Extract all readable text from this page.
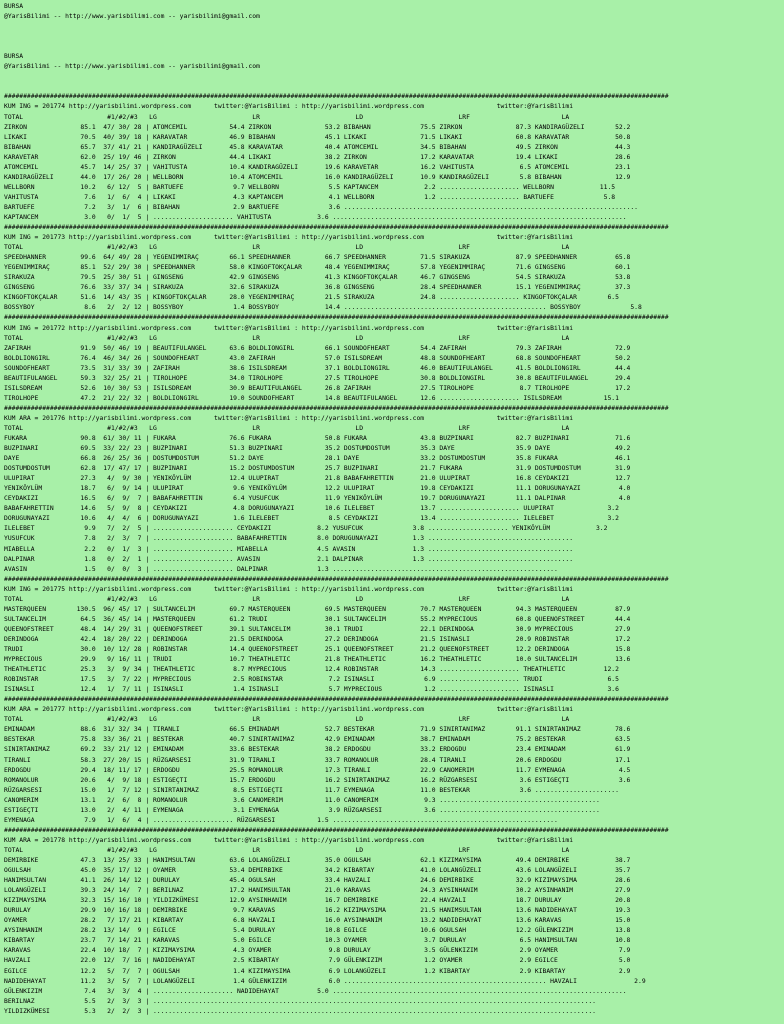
BURSA
@YarisBilimi -- http://www.yarisbilimi.com -- yarisbilimi@gmail.com
BURSA
@YarisBilimi -- http://www.yarisbilimi.com -- yarisbilimi@gmail.com
##############################################################################################################################################################################
KUM ING = 201774 http://yarisbilimi.wordpress.com      twitter:@YarisBilimi : http://yarisbilimi.wordpress.com                   twitter:@YarisBilimi
TOTAL                      #1/#2/#3   LG                         LR                         LD                         LRF                        LA
ZIRKON              85.1  47/ 30/ 28 | ATOMCEMIL           54.4 ZIRKON              53.2 BIBAHAN             75.5 ZIRKON              87.3 KANDIRAGÜZELI        52.2
LIKAKI              70.5  40/ 39/ 18 | KARAVATAR           46.9 BIBAHAN             45.1 LIKAKI              71.5 LIKAKI              60.8 KARAVATAR            50.8
BIBAHAN             65.7  37/ 41/ 21 | KANDIRAGÜZELI       45.8 KARAVATAR           40.4 ATOMCEMIL           34.5 BIBAHAN             49.5 ZIRKON               44.3
KARAVETAR           62.0  25/ 19/ 46 | ZIRKON              44.4 LIKAKI              38.2 ZIRKON              17.2 KARAVATAR           19.4 LIKAKI               28.6
ATOMCEMIL           45.7  14/ 25/ 37 | VAHITUSTA           10.4 KANDIRAGÜZELI       19.6 KARAVETAR           16.2 VAHITUSTA            6.5 ATOMCEMIL            23.1
KANDIRAGÜZELI       44.0  17/ 26/ 20 | WELLBORN            10.4 ATOMCEMIL           16.0 KANDIRAGÜZELI       10.9 KANDIRAGÜZELI        5.8 BIBAHAN              12.9
WELLBORN            10.2   6/ 12/  5 | BARTUEFE             9.7 WELLBORN             5.5 KAPTANCEM            2.2 ..................... WELLBORN            11.5
VAHITUSTA            7.6   1/  6/  4 | LIKAKI               4.3 KAPTANCEM            4.1 WELLBORN             1.2 ..................... BARTUEFE             5.8
BARTUEFE             7.2   3/  1/  6 | BIBAHAN              2.9 BARTUEFE             3.6 .............................................................................
KAPTANCEM            3.0   0/  1/  5 | ..................... VAHITUSTA            3.6 .............................................................................
##############################################################################################################################################################################
KUM ING = 201773 http://yarisbilimi.wordpress.com      twitter:@YarisBilimi : http://yarisbilimi.wordpress.com                   twitter:@YarisBilimi
TOTAL                      #1/#2/#3   LG                         LR                         LD                         LRF                        LA
SPEEDHANNER         99.6  64/ 49/ 28 | YEGENIMMIRAÇ        66.1 SPEEDHANNER         66.7 SPEEDHANNER         71.5 SIRAKUZA            87.9 SPEEDHANNER          65.8
YEGENIMMIRAÇ        85.1  52/ 29/ 30 | SPEEDHANNER         58.0 KINGOFTOKÇALAR      48.4 YEGENIMMIRAÇ        57.8 YEGENIMMIRAÇ        71.6 GINGSENG             60.1
SIRAKUZA            79.5  25/ 30/ 51 | GINGSENG            42.9 GINGSENG            41.3 KINGOFTOKÇALAR      46.7 GINGSENG            54.5 SIRAKUZA             53.8
GINGSENG            76.6  33/ 37/ 34 | SIRAKUZA            32.6 SIRAKUZA            36.8 GINGSENG            28.4 SPEEDHANNER         15.1 YEGENIMMIRAÇ         37.3
KINGOFTOKÇALAR      51.6  14/ 43/ 35 | KINGOFTOKÇALAR      28.0 YEGENIMMIRAÇ        21.5 SIRAKUZA            24.8 ..................... KINGOFTOKÇALAR        6.5
BOSSYBOY             8.6   2/  2/ 12 | BOSSYBOY             1.4 BOSSYBOY            14.4 ..................................................... BOSSYBOY             5.8
##############################################################################################################################################################################
KUM ING = 201772 http://yarisbilimi.wordpress.com      twitter:@YarisBilimi : http://yarisbilimi.wordpress.com                   twitter:@YarisBilimi
TOTAL                      #1/#2/#3   LG                         LR                         LD                         LRF                        LA
ZAFIRAH             91.9  50/ 46/ 19 | BEAUTIFULANGEL      63.6 BOLDLIONGIRL        66.1 SOUNDOFHEART        54.4 ZAFIRAH             79.3 ZAFIRAH              72.9
BOLDLIONGIRL        76.4  46/ 34/ 26 | SOUNDOFHEART        43.0 ZAFIRAH             57.0 ISILSDREAM          48.8 SOUNDOFHEART        68.8 SOUNDOFHEART         50.2
SOUNDOFHEART        73.5  31/ 33/ 39 | ZAFIRAH             38.6 ISILSDREAM          37.1 BOLDLIONGIRL        46.0 BEAUTIFULANGEL      41.5 BOLDLIONGIRL         44.4
BEAUTIFULANGEL      59.3  32/ 25/ 21 | TIROLHOPE           34.0 TIROLHOPE           27.5 TIROLHOPE           30.8 BOLDLIONGIRL        30.8 BEAUTIFULANGEL       29.4
ISILSDREAM          52.6  10/ 30/ 53 | ISILSDREAM          30.9 BEAUTIFULANGEL      26.8 ZAFIRAH             27.5 TIROLHOPE            8.7 TIROLHOPE            17.2
TIROLHOPE           47.2  21/ 22/ 32 | BOLDLIONGIRL        19.0 SOUNDOFHEART        14.8 BEAUTIFULANGEL      12.6 ..................... ISILSDREAM           15.1
##############################################################################################################################################################################
KUM ARA = 201776 http://yarisbilimi.wordpress.com      twitter:@YarisBilimi : http://yarisbilimi.wordpress.com                   twitter:@YarisBilimi
TOTAL                      #1/#2/#3   LG                         LR                         LD                         LRF                        LA
FUKARA              90.8  61/ 30/ 11 | FUKARA              76.6 FUKARA              50.8 FUKARA              43.8 BUZPINARI           82.7 BUZPINARI            71.6
BUZPINARI           69.5  33/ 22/ 23 | BUZPINARI           51.3 BUZPINARI           35.2 DOSTUMDOSTUM        35.3 DAYE                35.9 DAYE                 49.2
DAYE                66.8  26/ 25/ 36 | DOSTUMDOSTUM        51.2 DAYE                28.1 DAYE                33.2 DOSTUMDOSTUM        35.8 FUKARA               46.1
DOSTUMDOSTUM        62.8  17/ 47/ 17 | BUZPINARI           15.2 DOSTUMDOSTUM        25.7 BUZPINARI           21.7 FUKARA              31.9 DOSTUMDOSTUM         31.9
ULUPIRAT            27.3   4/  9/ 30 | YENIKÖYLÜM          12.4 ULUPIRAT            21.8 BABAFAHRETTIN       21.0 ULUPIRAT            16.8 CEYDAKIZI            12.7
YENIKÖYLÜM          18.7   6/  9/ 14 | ULUPIRAT             9.6 YENIKÖYLÜM          12.2 ULUPIRAT            19.8 CEYDAKIZI           11.1 DORUGUNAYAZI          4.0
CEYDAKIZI           16.5   6/  9/  7 | BABAFAHRETTIN        6.4 YUSUFCUK            11.9 YENIKÖYLÜM          19.7 DORUGUNAYAZI        11.1 DALPINAR              4.0
BABAFAHRETTIN       14.6   5/  9/  8 | CEYDAKIZI            4.8 DORUGUNAYAZI        10.6 ILELEBET            13.7 ..................... ULUPIRAT              3.2
DORUGUNAYAZI        10.6   4/  4/  6 | DORUGUNAYAZI         1.6 ILELEBET             8.5 CEYDAKIZI           13.4 ..................... ILELEBET              3.2
ILELEBET             9.9   7/  2/  5 | ..................... CEYDAKIZI            8.2 YUSUFCUK             3.8 ..................... YENIKÖYLÜM            3.2
YUSUFCUK             7.8   2/  3/  7 | ..................... BABAFAHRETTIN        8.0 DORUGUNAYAZI         1.3 ......................................
MIABELLA             2.2   0/  1/  3 | ..................... MIABELLA             4.5 AVASIN               1.3 ......................................
DALPINAR             1.8   0/  2/  1 | ..................... AVASIN               2.1 DALPINAR             1.3 ......................................
AVASIN               1.5   0/  0/  3 | ..................... DALPINAR             1.3 ...........................................................
##############################################################################################################################################################################
KUM ING = 201775 http://yarisbilimi.wordpress.com      twitter:@YarisBilimi : http://yarisbilimi.wordpress.com                   twitter:@YarisBilimi
TOTAL                      #1/#2/#3   LG                         LR                         LD                         LRF                        LA
MASTERQUEEN        130.5  96/ 45/ 17 | SULTANCELIM         69.7 MASTERQUEEN         69.5 MASTERQUEEN         70.7 MASTERQUEEN         94.3 MASTERQUEEN          87.9
SULTANCELIM         64.5  36/ 45/ 14 | MASTERQUEEN         61.2 TRUDI               30.1 SULTANCELIM         55.2 MYPRECIOUS          60.8 QUEENOFSTREET        44.4
QUEENOFSTREET       48.4  14/ 29/ 31 | QUEENOFSTREET       39.1 SULTANCELIM         30.1 TRUDI               22.1 DERINDOGA           30.9 MYPRECIOUS           27.9
DERINDOGA           42.4  18/ 20/ 22 | DERINDOGA           21.5 DERINDOGA           27.2 DERINDOGA           21.5 ISINASLI            20.9 ROBINSTAR            17.2
TRUDI               30.0  10/ 12/ 28 | ROBINSTAR           14.4 QUEENOFSTREET       25.1 QUEENOFSTREET       21.2 QUEENOFSTREET       12.2 DERINDOGA            15.8
MYPRECIOUS          29.9   9/ 16/ 11 | TRUDI               10.7 THEATHLETIC         21.8 THEATHLETIC         16.2 THEATHLETIC         10.0 SULTANCELIM          13.6
THEATHLETIC         25.3   3/  9/ 34 | THEATHLETIC          8.7 MYPRECIOUS          12.4 ROBINSTAR           14.3 ..................... THEATHLETIC          12.2
ROBINSTAR           17.5   3/  7/ 22 | MYPRECIOUS           2.5 ROBINSTAR            7.2 ISINASLI             6.9 ..................... TRUDI                 6.5
ISINASLI            12.4   1/  7/ 11 | ISINASLI             1.4 ISINASLI             5.7 MYPRECIOUS           1.2 ..................... ISINASLI              3.6
##############################################################################################################################################################################
KUM ARA = 201777 http://yarisbilimi.wordpress.com      twitter:@YarisBilimi : http://yarisbilimi.wordpress.com                   twitter:@YarisBilimi
TOTAL                      #1/#2/#3   LG                         LR                         LD                         LRF                        LA
EMINADAM            88.6  31/ 32/ 34 | TIRANLI             66.5 EMINADAM            52.7 BESTEKAR            71.9 SINIRTANIMAZ        91.1 SINIRTANIMAZ         78.6
BESTEKAR            75.8  33/ 36/ 21 | BESTEKAR            40.7 SINIRTANIMAZ        42.9 EMINADAM            38.7 EMINADAM            75.2 BESTEKAR             63.5
SINIRTANIMAZ        69.2  33/ 21/ 12 | EMINADAM            33.6 BESTEKAR            38.2 ERDOGDU             33.2 ERDOGDU             23.4 EMINADAM             61.9
TIRANLI             58.3  27/ 20/ 15 | RÜZGARSESI          31.9 TIRANLI             33.7 ROMANOLUR           28.4 TIRANLI             20.6 ERDOGDU              17.1
ERDOGDU             29.4  18/ 11/ 17 | ERDOGDU             25.5 ROMANOLUR           17.3 TIRANLI             22.9 CANOMERIM           11.7 EYMENAGA              4.5
ROMANOLUR           20.6   4/  9/ 18 | ESTIGEÇTI           15.7 ERDOGDU             16.2 SINIRTANIMAZ        16.2 RÜZGARSESI           3.6 ESTIGEÇTI             3.6
RÜZGARSESI          15.0   1/  7/ 12 | SINIRTANIMAZ         8.5 ESTIGEÇTI           11.7 EYMENAGA            11.0 BESTEKAR             3.6 ......................
CANOMERIM           13.1   2/  6/  8 | ROMANOLUR            3.6 CANOMERIM           11.0 CANOMERIM            9.3 ..........................................
ESTIGEÇTI           13.0   2/  4/ 11 | EYMENAGA             3.1 EYMENAGA             3.9 RÜZGARSESI           3.6 ..........................................
EYMENAGA             7.9   1/  6/  4 | ..................... RÜZGARSESI           1.5 ...........................................................
##############################################################################################################################################################################
KUM ARA = 201778 http://yarisbilimi.wordpress.com      twitter:@YarisBilimi : http://yarisbilimi.wordpress.com                   twitter:@YarisBilimi
TOTAL                      #1/#2/#3   LG                         LR                         LD                         LRF                        LA
DEMIRBIKE           47.3  13/ 25/ 33 | HANIMSULTAN         63.6 LOLANGÜZELI         35.0 OGULSAH             62.1 KIZIMAYSIMA         49.4 DEMIRBIKE            38.7
OGULSAH             45.0  35/ 17/ 12 | OYAMER              53.4 DEMIRBIKE           34.2 KIBARTAY            41.0 LOLANGÜZELI         43.6 LOLANGÜZELI          35.7
HANIMSULTAN         41.1  26/ 14/ 12 | DURULAY             45.4 OGULSAH             33.4 HAVZALI             24.6 DEMIRBIKE           32.9 KIZIMAYSIMA          28.6
LOLANGÜZELI         39.3  24/ 14/  7 | BERILNAZ            17.2 HANIMSULTAN         21.0 KARAVAS             24.3 AYSINHANIM          30.2 AYSINHANIM           27.9
KIZIMAYSIMA         32.3  15/ 16/ 10 | YILDIZKÜMESI        12.9 AYSINHANIM          16.7 DEMIRBIKE           22.4 HAVZALI             18.7 DURULAY              20.8
DURULAY             29.9  10/ 16/ 18 | DEMIRBIKE            9.7 KARAVAS             16.2 KIZIMAYSIMA         21.5 HANIMSULTAN         13.6 NADIDEHAYAT          19.3
OYAMER              28.2   7/ 17/ 21 | KIBARTAY             6.8 HAVZALI             16.0 AYSINHANIM          13.2 NADIDEHAYAT         13.6 KARAVAS              15.0
AYSINHANIM          28.2  13/ 14/  9 | EGILCE               5.4 DURULAY             10.8 EGILCE              10.6 OGULSAH             12.2 GÜLENKIZIM           13.8
KIBARTAY            23.7   7/ 14/ 21 | KARAVAS              5.0 EGILCE              10.3 OYAMER               3.7 DURULAY              6.5 HANIMSULTAN          10.8
KARAVAS             22.4  10/ 18/  7 | KIZIMAYSIMA          4.3 OYAMER               9.8 DURULAY              3.5 GÜLENKIZIM           2.9 OYAMER                7.9
HAVZALI             22.0  12/  7/ 16 | NADIDEHAYAT          2.5 KIBARTAY             7.9 GÜLENKIZIM           1.2 OYAMER               2.9 EGILCE                5.0
EGILCE              12.2   5/  7/  7 | OGULSAH              1.4 KIZIMAYSIMA          6.9 LOLANGÜZELI          1.2 KIBARTAY             2.9 KIBARTAY              2.9
NADIDEHAYAT         11.2   3/  5/  7 | LOLANGÜZELI          1.4 GÜLENKIZIM           6.0 ..................................................... HAVZALI               2.9
GÜLENKIZIM           7.4   3/  3/  4 | ..................... NADIDEHAYAT          5.0 .............................................................................
BERILNAZ             5.5   2/  3/  3 | ....................................................................................................................
YILDIZKÜMESI         5.3   2/  2/  3 | ....................................................................................................................
